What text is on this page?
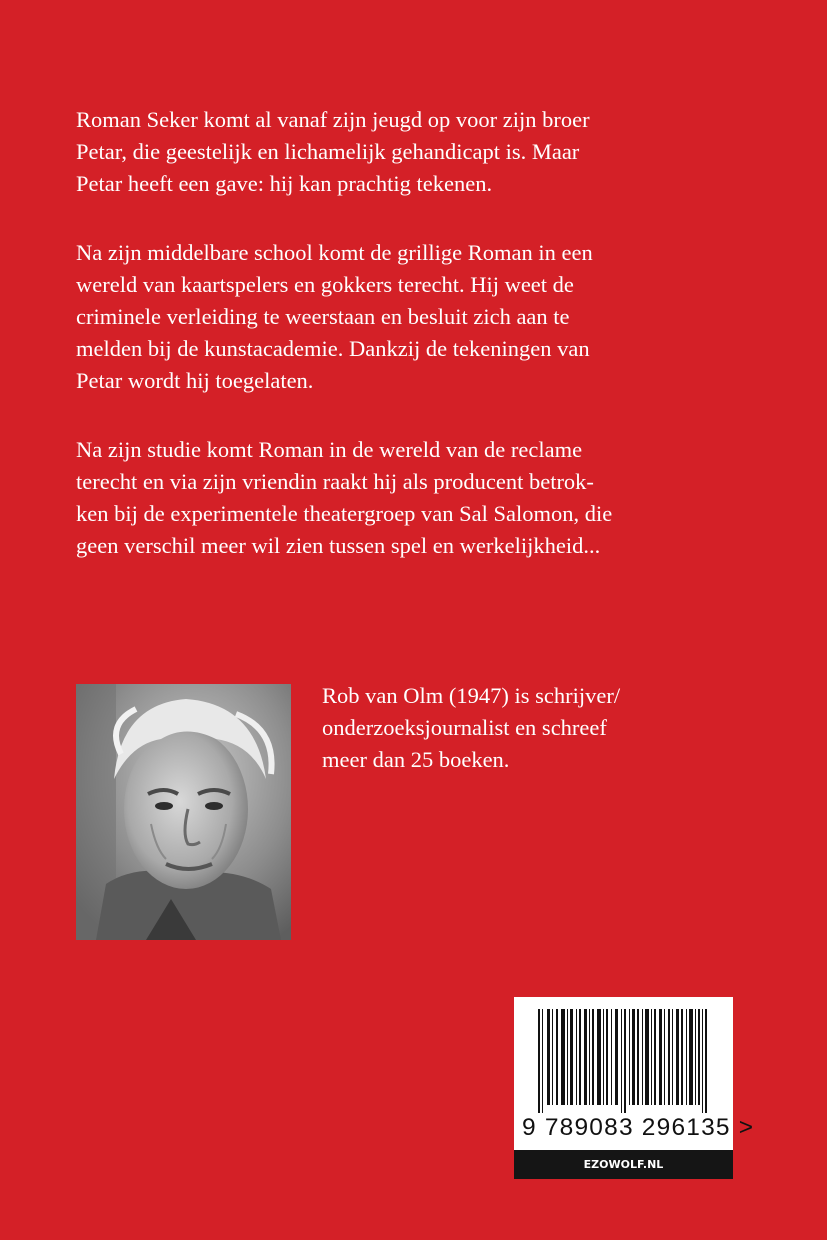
Roman Seker komt al vanaf zijn jeugd op voor zijn broer
Petar, die geestelijk en lichamelijk gehandicapt is. Maar
Petar heeft een gave: hij kan prachtig tekenen.

Na zijn middelbare school komt de grillige Roman in een
wereld van kaartspelers en gokkers terecht. Hij weet de
criminele verleiding te weerstaan en besluit zich aan te
melden bij de kunstacademie. Dankzij de tekeningen van
Petar wordt hij toegelaten.

Na zijn studie komt Roman in de wereld van de reclame
terecht en via zijn vriendin raakt hij als producent betrok-
ken bij de experimentele theatergroep van Sal Salomon, die
geen verschil meer wil zien tussen spel en werkelijkheid...

Rob van Olm (1947) is schrijver/
onderzoeksjournalist en schreef
meer dan 25 boeken.
9 789083 296135 >
EZOWOLF.NL
